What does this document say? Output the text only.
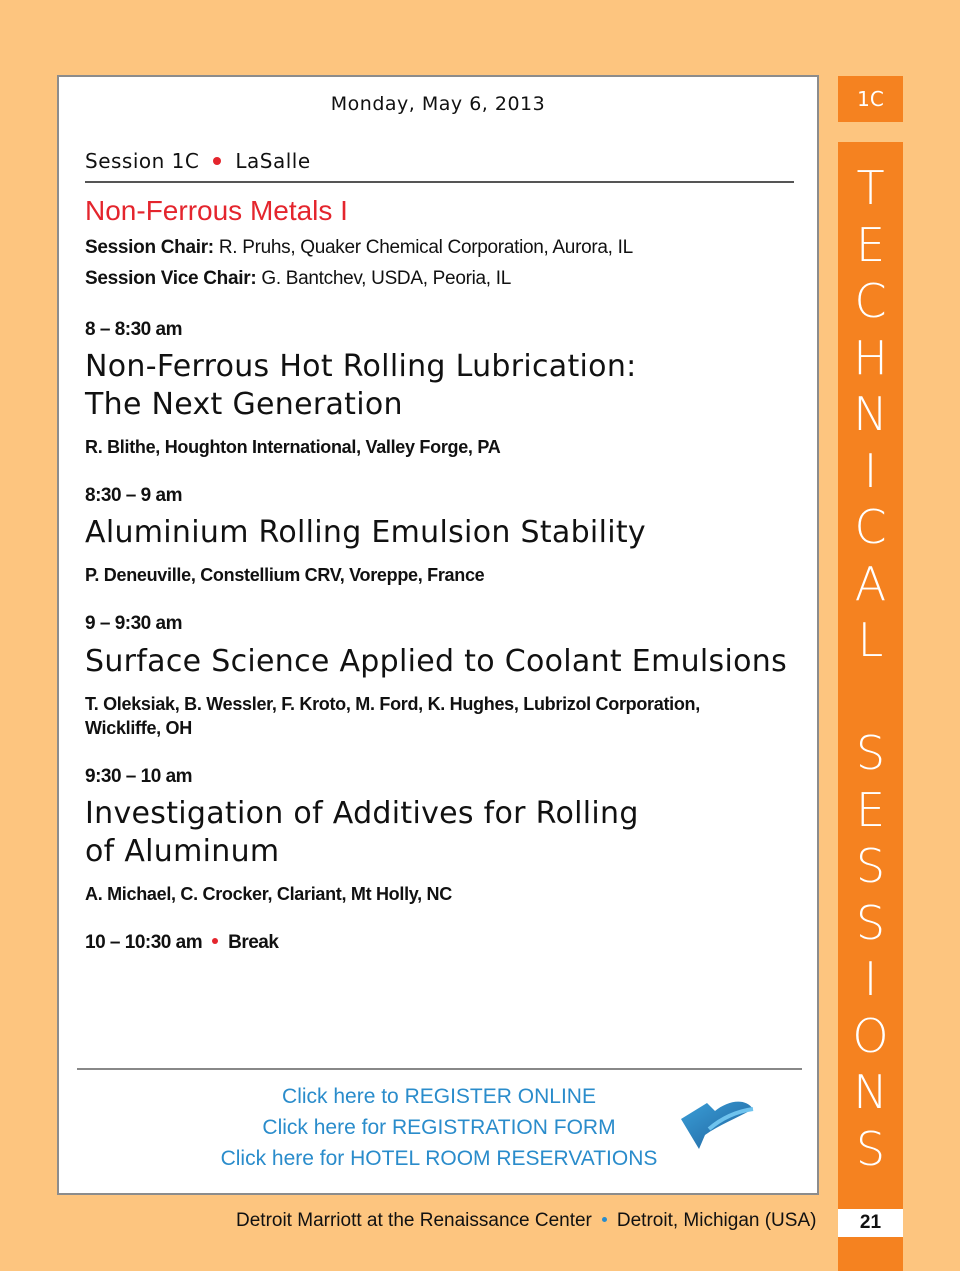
Monday, May 6, 2013
Session 1C LaSalle
Non-Ferrous Metals I
Session Chair: R. Pruhs, Quaker Chemical Corporation, Aurora, IL
Session Vice Chair: G. Bantchev, USDA, Peoria, IL
8 – 8:30 am
Non-Ferrous Hot Rolling Lubrication:
The Next Generation
R. Blithe, Houghton International, Valley Forge, PA
8:30 – 9 am
Aluminium Rolling Emulsion Stability
P. Deneuville, Constellium CRV, Voreppe, France
9 – 9:30 am
Surface Science Applied to Coolant Emulsions
T. Oleksiak, B. Wessler, F. Kroto, M. Ford, K. Hughes, Lubrizol Corporation, Wickliffe, OH
9:30 – 10 am
Investigation of Additives for Rolling
of Aluminum
A. Michael, C. Crocker, Clariant, Mt Holly, NC
10 – 10:30 am Break
Click here to REGISTER ONLINE
Click here for REGISTRATION FORM
Click here for HOTEL ROOM RESERVATIONS
Detroit Marriott at the Renaissance Center Detroit, Michigan (USA)
1C
T
E
C
H
N
I
C
A
L
S
E
S
S
I
O
N
S
21
